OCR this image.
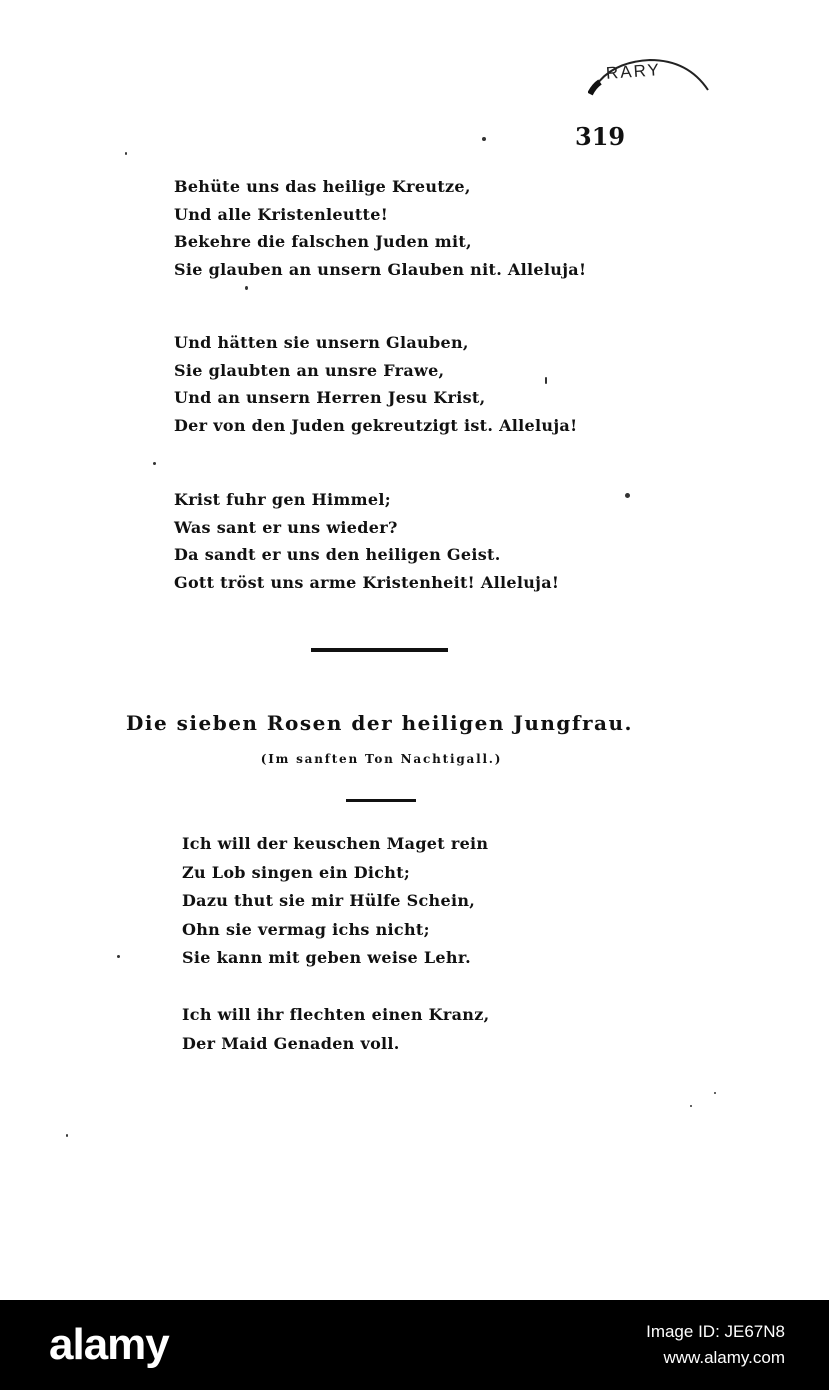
RARY
319
Behüte uns das heilige Kreutze,
Und alle Kristenleutte!
Bekehre die falschen Juden mit,
Sie glauben an unsern Glauben nit. Alleluja!
Und hätten sie unsern Glauben,
Sie glaubten an unsre Frawe,
Und an unsern Herren Jesu Krist,
Der von den Juden gekreutzigt ist. Alleluja!
Krist fuhr gen Himmel;
Was sant er uns wieder?
Da sandt er uns den heiligen Geist.
Gott tröst uns arme Kristenheit! Alleluja!
Die sieben Rosen der heiligen Jungfrau.
(Im sanften Ton Nachtigall.)
Ich will der keuschen Maget rein
Zu Lob singen ein Dicht;
Dazu thut sie mir Hülfe Schein,
Ohn sie vermag ichs nicht;
Sie kann mit geben weise Lehr.
Ich will ihr flechten einen Kranz,
Der Maid Genaden voll.
alamy	Image ID: JE67N8
www.alamy.com
